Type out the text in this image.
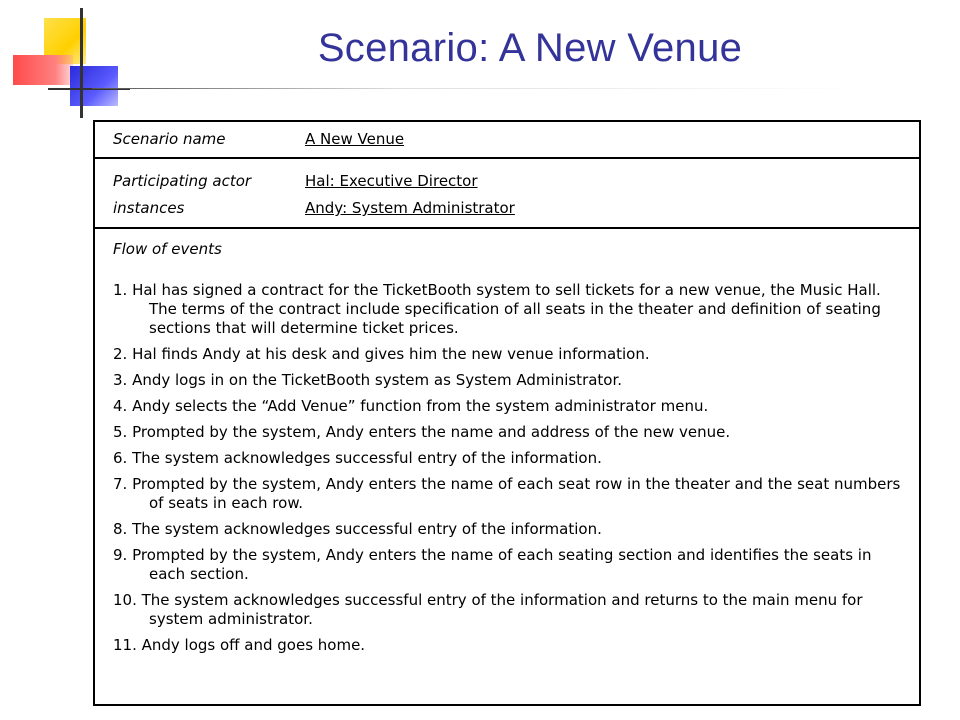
Scenario: A New Venue
Scenario name	A New Venue
Participating actor
instances
Hal: Executive Director
Andy: System Administrator
Flow of events
1. Hal has signed a contract for the TicketBooth system to sell tickets for a new venue, the Music Hall. The terms of the contract include specification of all seats in the theater and definition of seating sections that will determine ticket prices.
2. Hal finds Andy at his desk and gives him the new venue information.
3. Andy logs in on the TicketBooth system as System Administrator.
4. Andy selects the “Add Venue” function from the system administrator menu.
5. Prompted by the system, Andy enters the name and address of the new venue.
6. The system acknowledges successful entry of the information.
7. Prompted by the system, Andy enters the name of each seat row in the theater and the seat numbers of seats in each row.
8. The system acknowledges successful entry of the information.
9. Prompted by the system, Andy enters the name of each seating section and identifies the seats in each section.
10. The system acknowledges successful entry of the information and returns to the main menu for system administrator.
11. Andy logs off and goes home.
